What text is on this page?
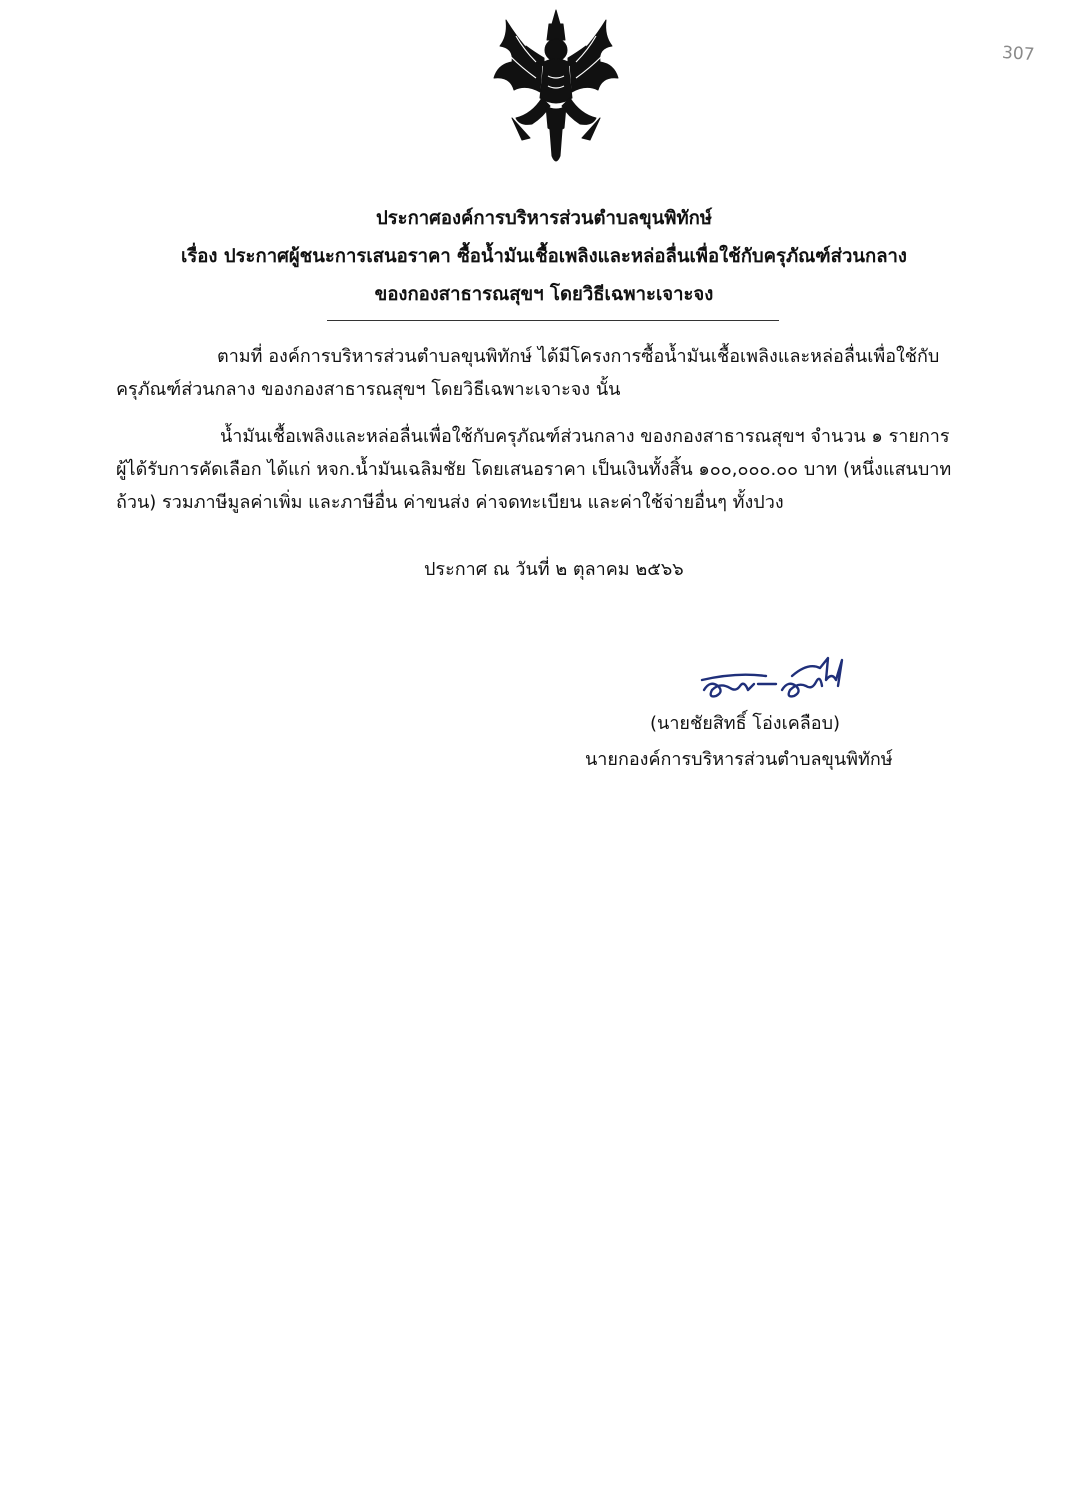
307
ประกาศองค์การบริหารส่วนตำบลขุนพิทักษ์
เรื่อง ประกาศผู้ชนะการเสนอราคา ซื้อน้ำมันเชื้อเพลิงและหล่อลื่นเพื่อใช้กับครุภัณฑ์ส่วนกลาง
ของกองสาธารณสุขฯ โดยวิธีเฉพาะเจาะจง
ตามที่ องค์การบริหารส่วนตำบลขุนพิทักษ์ ได้มีโครงการซื้อน้ำมันเชื้อเพลิงและหล่อลื่นเพื่อใช้กับ
ครุภัณฑ์ส่วนกลาง ของกองสาธารณสุขฯ โดยวิธีเฉพาะเจาะจง นั้น
น้ำมันเชื้อเพลิงและหล่อลื่นเพื่อใช้กับครุภัณฑ์ส่วนกลาง ของกองสาธารณสุขฯ จำนวน ๑ รายการ
ผู้ได้รับการคัดเลือก ได้แก่ หจก.น้ำมันเฉลิมชัย โดยเสนอราคา เป็นเงินทั้งสิ้น ๑๐๐,๐๐๐.๐๐ บาท (หนึ่งแสนบาท
ถ้วน) รวมภาษีมูลค่าเพิ่ม และภาษีอื่น ค่าขนส่ง ค่าจดทะเบียน และค่าใช้จ่ายอื่นๆ ทั้งปวง
ประกาศ ณ วันที่ ๒ ตุลาคม ๒๕๖๖
(นายชัยสิทธิ์ โอ่งเคลือบ)
นายกองค์การบริหารส่วนตำบลขุนพิทักษ์
